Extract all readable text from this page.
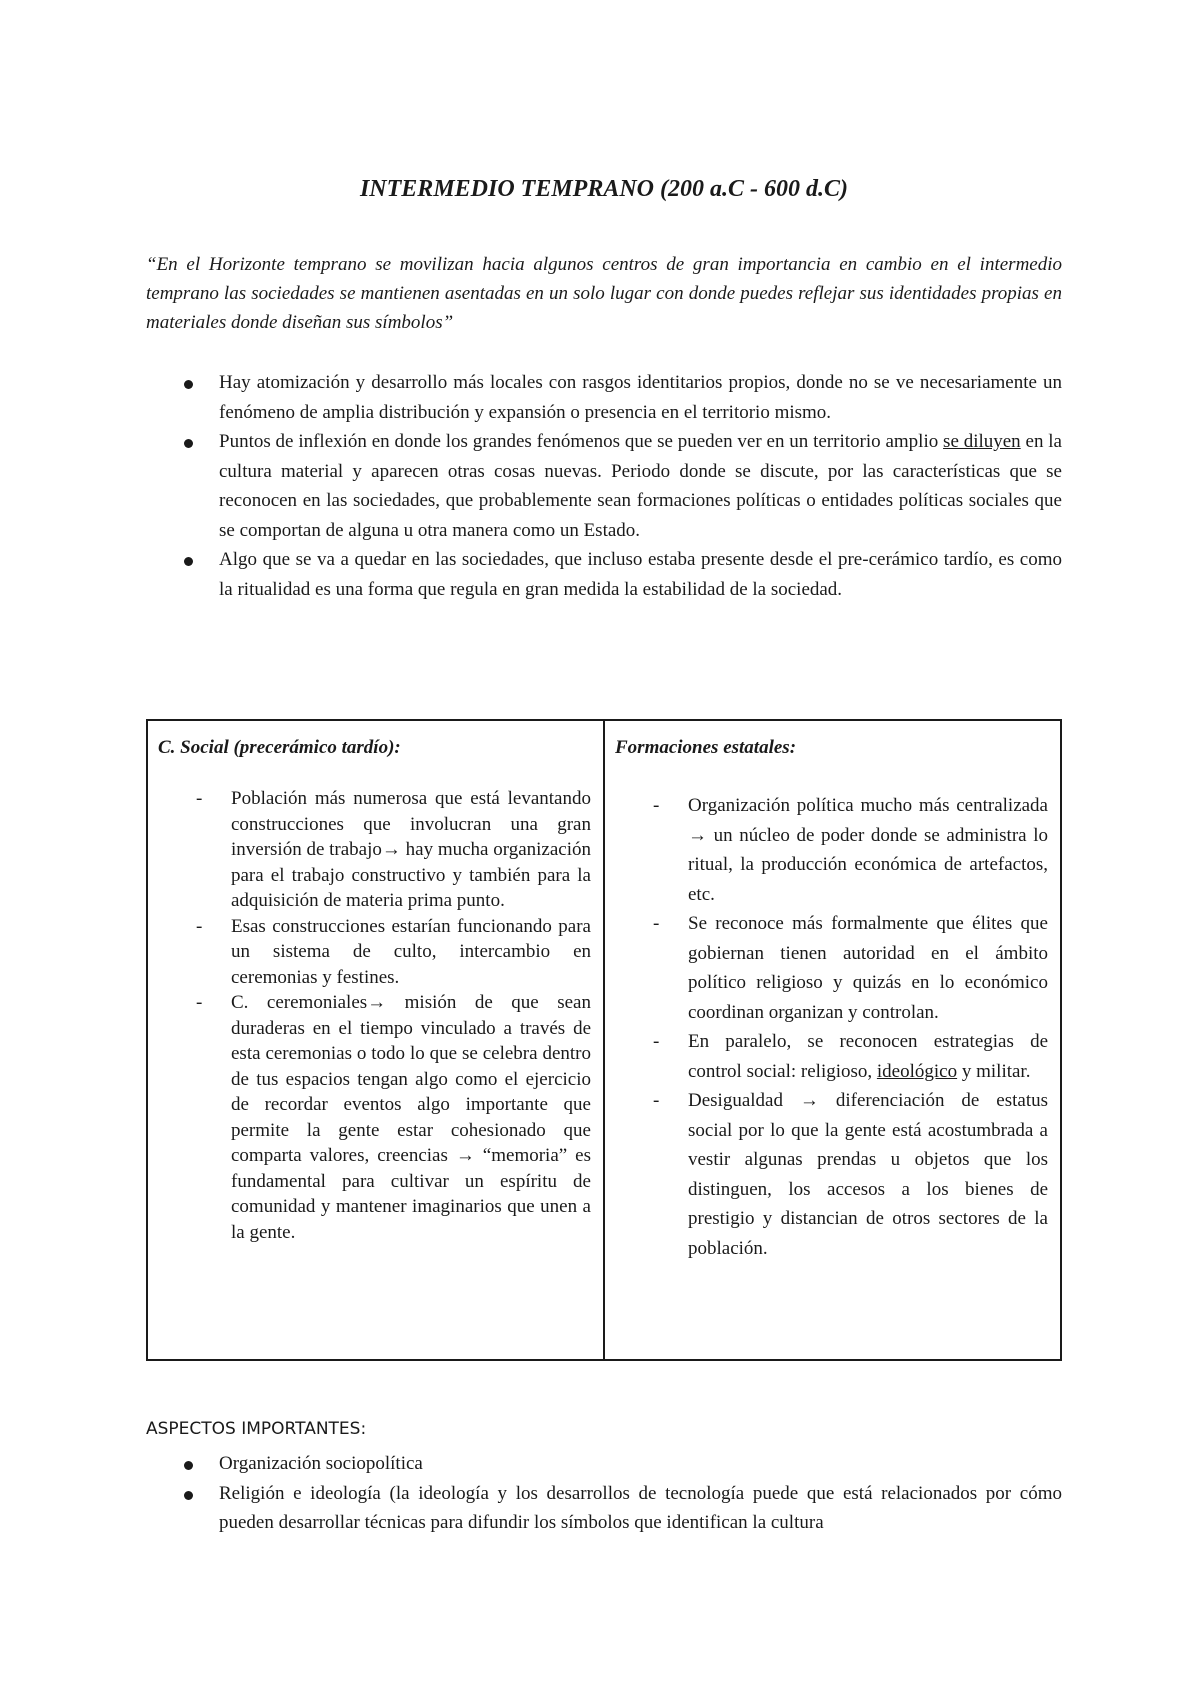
INTERMEDIO TEMPRANO (200 a.C - 600 d.C)

“En el Horizonte temprano se movilizan hacia algunos centros de gran importancia en cambio en el intermedio temprano las sociedades se mantienen asentadas en un solo lugar con donde puedes reflejar sus identidades propias en materiales donde diseñan sus símbolos”

Hay atomización y desarrollo más locales con rasgos identitarios propios, donde no se ve necesariamente un fenómeno de amplia distribución y expansión o presencia en el territorio mismo.
Puntos de inflexión en donde los grandes fenómenos que se pueden ver en un territorio amplio se diluyen en la cultura material y aparecen otras cosas nuevas. Periodo donde se discute, por las características que se reconocen en las sociedades, que probablemente sean formaciones políticas o entidades políticas sociales que se comportan de alguna u otra manera como un Estado.
Algo que se va a quedar en las sociedades, que incluso estaba presente desde el pre-cerámico tardío, es como la ritualidad es una forma que regula en gran medida la estabilidad de la sociedad.

C. Social (precerámico tardío):

- Población más numerosa que está levantando construcciones que involucran una gran inversión de trabajo→ hay mucha organización para el trabajo constructivo y también para la adquisición de materia prima punto.
- Esas construcciones estarían funcionando para un sistema de culto, intercambio en ceremonias y festines.
- C. ceremoniales→ misión de que sean duraderas en el tiempo vinculado a través de esta ceremonias o todo lo que se celebra dentro de tus espacios tengan algo como el ejercicio de recordar eventos algo importante que permite la gente estar cohesionado que comparta valores, creencias → “memoria” es fundamental para cultivar un espíritu de comunidad y mantener imaginarios que unen a la gente.

Formaciones estatales:

- Organización política mucho más centralizada → un núcleo de poder donde se administra lo ritual, la producción económica de artefactos, etc.
- Se reconoce más formalmente que élites que gobiernan tienen autoridad en el ámbito político religioso y quizás en lo económico coordinan organizan y controlan.
- En paralelo, se reconocen estrategias de control social: religioso, ideológico y militar.
- Desigualdad → diferenciación de estatus social por lo que la gente está acostumbrada a vestir algunas prendas u objetos que los distinguen, los accesos a los bienes de prestigio y distancian de otros sectores de la población.

ASPECTOS IMPORTANTES:

Organización sociopolítica
Religión e ideología (la ideología y los desarrollos de tecnología puede que está relacionados por cómo pueden desarrollar técnicas para difundir los símbolos que identifican la cultura
